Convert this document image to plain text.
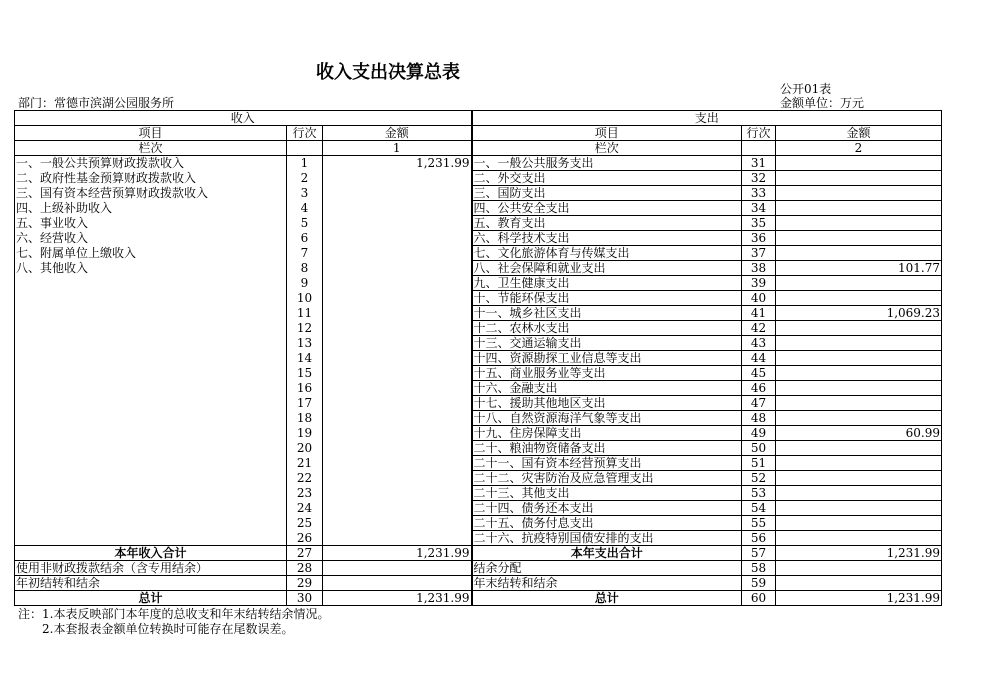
收入支出决算总表
公开01表
部门：常德市滨湖公园服务所	金额单位：万元
收入			支出		
项目	行次	金额	项目	行次	金额
栏次		1	栏次		2
一、一般公共预算财政拨款收入	1	1,231.99	一、一般公共服务支出	31	
二、政府性基金预算财政拨款收入	2		二、外交支出	32	
三、国有资本经营预算财政拨款收入	3		三、国防支出	33	
四、上级补助收入	4		四、公共安全支出	34	
五、事业收入	5		五、教育支出	35	
六、经营收入	6		六、科学技术支出	36	
七、附属单位上缴收入	7		七、文化旅游体育与传媒支出	37	
八、其他收入	8		八、社会保障和就业支出	38	101.77
	9		九、卫生健康支出	39	
	10		十、节能环保支出	40	
	11		十一、城乡社区支出	41	1,069.23
	12		十二、农林水支出	42	
	13		十三、交通运输支出	43	
	14		十四、资源勘探工业信息等支出	44	
	15		十五、商业服务业等支出	45	
	16		十六、金融支出	46	
	17		十七、援助其他地区支出	47	
	18		十八、自然资源海洋气象等支出	48	
	19		十九、住房保障支出	49	60.99
	20		二十、粮油物资储备支出	50	
	21		二十一、国有资本经营预算支出	51	
	22		二十二、灾害防治及应急管理支出	52	
	23		二十三、其他支出	53	
	24		二十四、债务还本支出	54	
	25		二十五、债务付息支出	55	
	26		二十六、抗疫特别国债安排的支出	56	
本年收入合计	27	1,231.99	本年支出合计	57	1,231.99
使用非财政拨款结余（含专用结余）	28		结余分配	58	
年初结转和结余	29		年末结转和结余	59	
总计	30	1,231.99	总计	60	1,231.99
注：1.本表反映部门本年度的总收支和年末结转结余情况。
　　2.本套报表金额单位转换时可能存在尾数误差。
